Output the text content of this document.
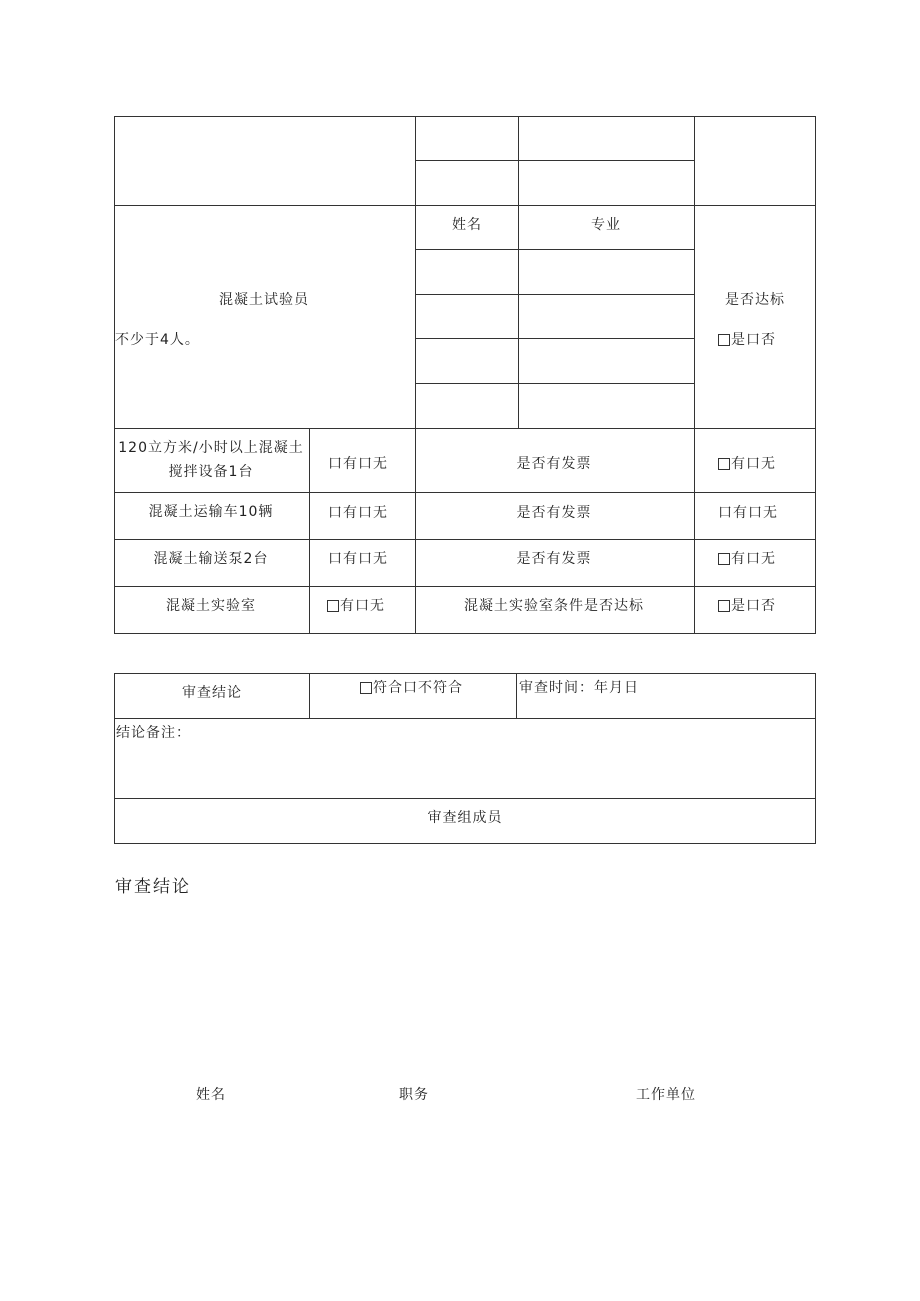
混凝土试验员
不少于4人。
姓名	专业
是否达标
是口否
120立方米/小时以上混凝土
搅拌设备1台	口有口无	是否有发票	有口无
混凝土运输车10辆	口有口无	是否有发票	口有口无
混凝土输送泵2台	口有口无	是否有发票	有口无
混凝土实验室	有口无	混凝土实验室条件是否达标	是口否
审查结论	符合口不符合	审查时间：年月日
结论备注：
审查组成员
审查结论
姓名	职务	工作单位
